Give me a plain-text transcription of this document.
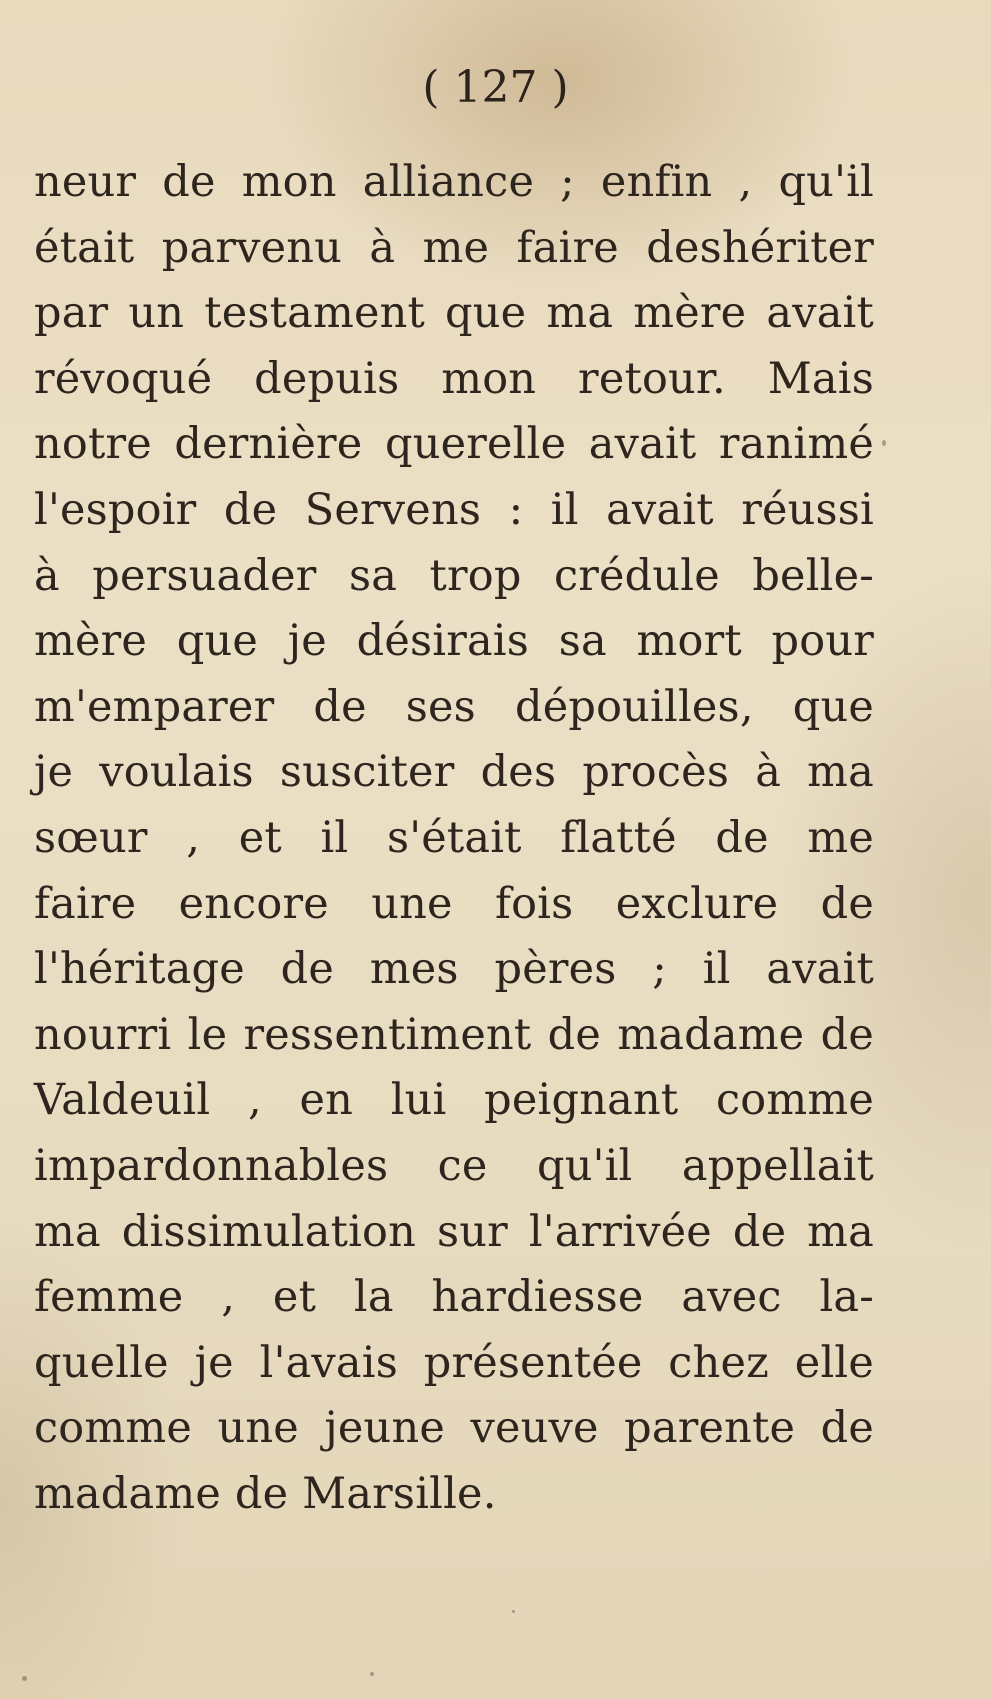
( 127 )
neur de mon alliance ; enfin , qu'il
était parvenu à me faire deshériter
par un testament que ma mère avait
révoqué depuis mon retour. Mais
notre dernière querelle avait ranimé
l'espoir de Servens : il avait réussi
à persuader sa trop crédule belle-
mère que je désirais sa mort pour
m'emparer de ses dépouilles, que
je voulais susciter des procès à ma
sœur , et il s'était flatté de me
faire encore une fois exclure de
l'héritage de mes pères ; il avait
nourri le ressentiment de madame de
Valdeuil , en lui peignant comme
impardonnables ce qu'il appellait
ma dissimulation sur l'arrivée de ma
femme , et la hardiesse avec la-
quelle je l'avais présentée chez elle
comme une jeune veuve parente de
madame de Marsille.
